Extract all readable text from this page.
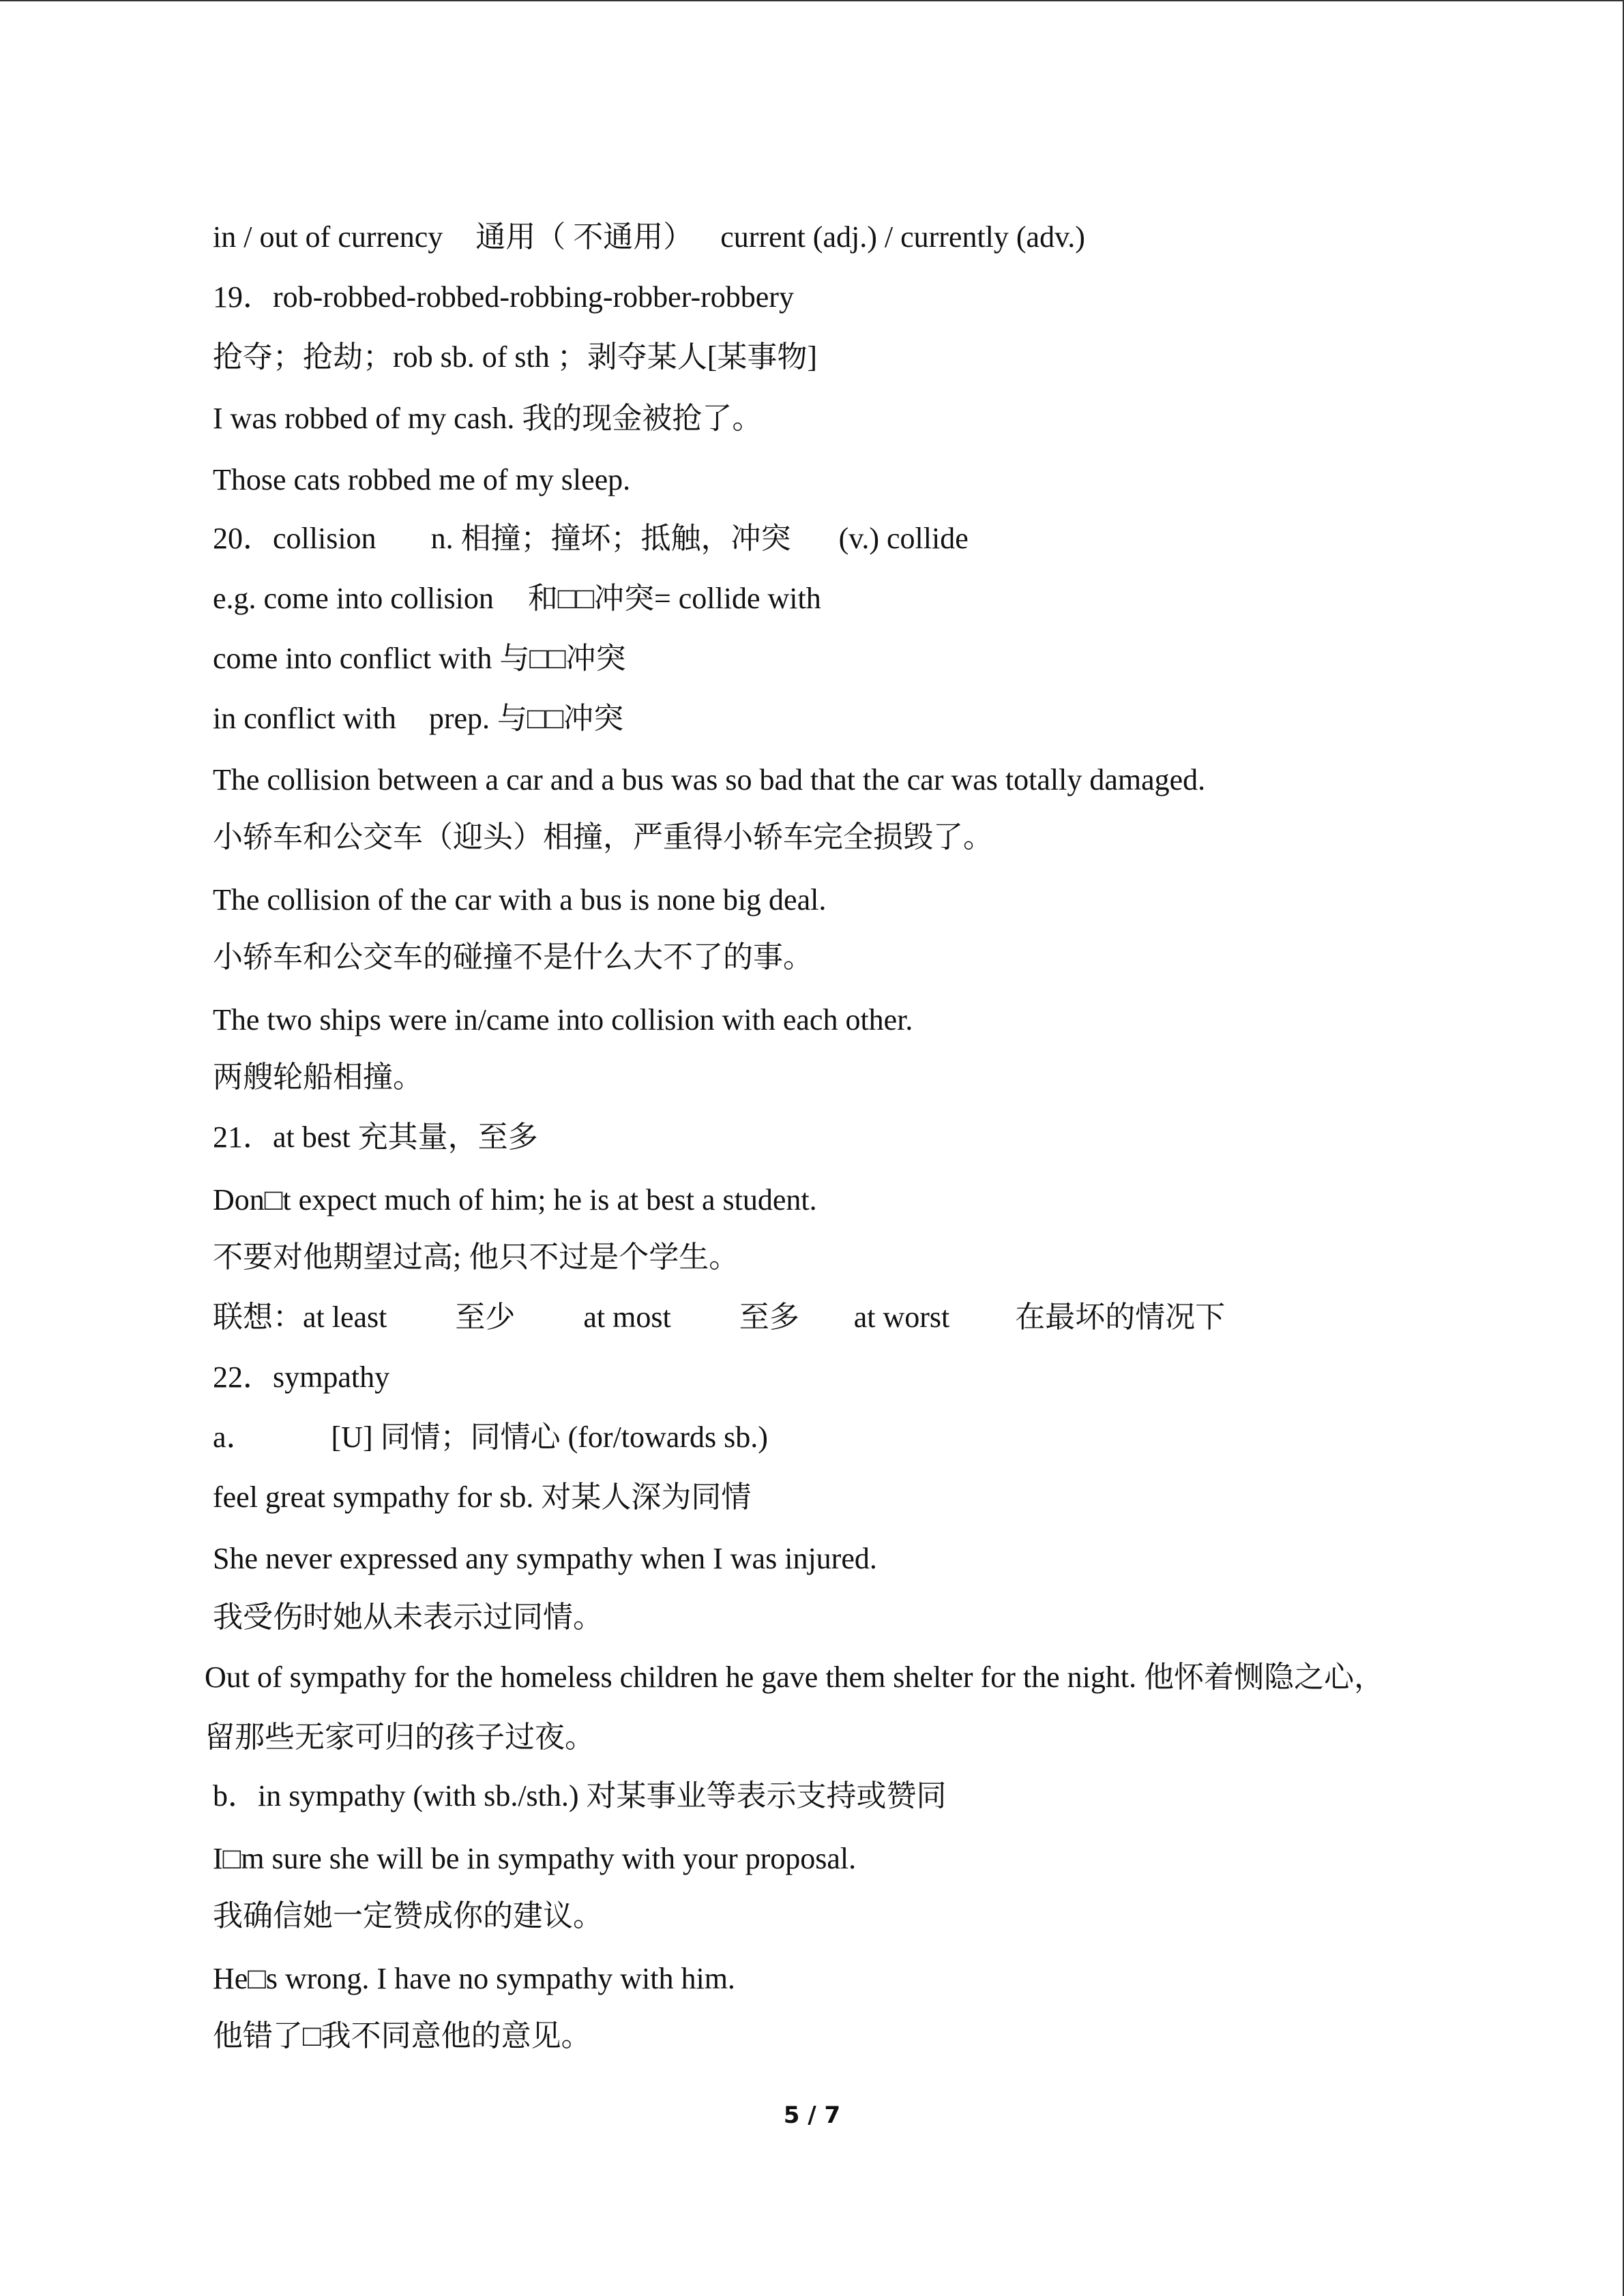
in / out of currency 通用（ 不通用） current (adj.) / currently (adv.)
19．rob-robbed-robbed-robbing-robber-robbery
抢夺；抢劫；rob sb. of sth ；剥夺某人[某事物]
I was robbed of my cash. 我的现金被抢了。
Those cats robbed me of my sleep.
20．collision n. 相撞；撞坏；抵触，冲突 (v.) collide
e.g. come into collision 和□□冲突= collide with
come into conflict with 与□□冲突
in conflict with prep. 与□□冲突
The collision between a car and a bus was so bad that the car was totally damaged.
小轿车和公交车（迎头）相撞，严重得小轿车完全损毁了。
The collision of the car with a bus is none big deal.
小轿车和公交车的碰撞不是什么大不了的事。
The two ships were in/came into collision with each other.
两艘轮船相撞。
21．at best 充其量，至多
Don□t expect much of him; he is at best a student.
不要对他期望过高; 他只不过是个学生。
联想：at least 至少 at most 至多 at worst 在最坏的情况下
22．sympathy
a．	[U] 同情；同情心 (for/towards sb.)
feel great sympathy for sb. 对某人深为同情
She never expressed any sympathy when I was injured.
我受伤时她从未表示过同情。
Out of sympathy for the homeless children he gave them shelter for the night. 他怀着恻隐之心，
留那些无家可归的孩子过夜。
b．in sympathy (with sb./sth.) 对某事业等表示支持或赞同
I□m sure she will be in sympathy with your proposal.
我确信她一定赞成你的建议。
He□s wrong. I have no sympathy with him.
他错了□我不同意他的意见。
5 / 7
